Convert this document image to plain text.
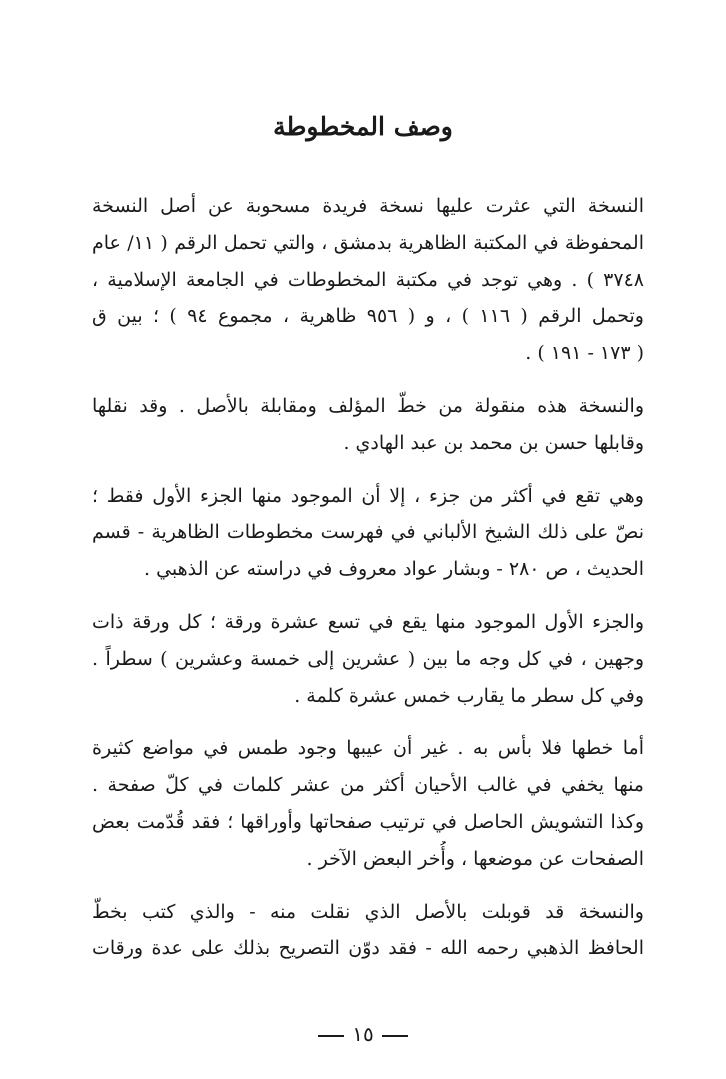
وصف المخطوطة
النسخة التي عثرت عليها نسخة فريدة مسحوبة عن أصل النسخة
المحفوظة في المكتبة الظاهرية بدمشق ، والتي تحمل الرقم ( ١١/ عام
٣٧٤٨ ) . وهي توجد في مكتبة المخطوطات في الجامعة الإسلامية ،
وتحمل الرقم ( ١١٦ ) ، و ( ٩٥٦ ظاهرية ، مجموع ٩٤ ) ؛ بين ق
( ١٧٣ - ١٩١ ) .
والنسخة هذه منقولة من خطّ المؤلف ومقابلة بالأصل . وقد نقلها
وقابلها حسن بن محمد بن عبد الهادي .
وهي تقع في أكثر من جزء ، إلا أن الموجود منها الجزء الأول فقط ؛
نصّ على ذلك الشيخ الألباني في فهرست مخطوطات الظاهرية - قسم
الحديث ، ص ٢٨٠ - وبشار عواد معروف في دراسته عن الذهبي .
والجزء الأول الموجود منها يقع في تسع عشرة ورقة ؛ كل ورقة ذات
وجهين ، في كل وجه ما بين ( عشرين إلى خمسة وعشرين ) سطراً .
وفي كل سطر ما يقارب خمس عشرة كلمة .
أما خطها فلا بأس به . غير أن عيبها وجود طمس في مواضع كثيرة
منها يخفي في غالب الأحيان أكثر من عشر كلمات في كلّ صفحة .
وكذا التشويش الحاصل في ترتيب صفحاتها وأوراقها ؛ فقد قُدّمت بعض
الصفحات عن موضعها ، وأُخر البعض الآخر .
والنسخة قد قوبلت بالأصل الذي نقلت منه - والذي كتب بخطّ
الحافظ الذهبي رحمه الله - فقد دوّن التصريح بذلك على عدة ورقات
١٥
